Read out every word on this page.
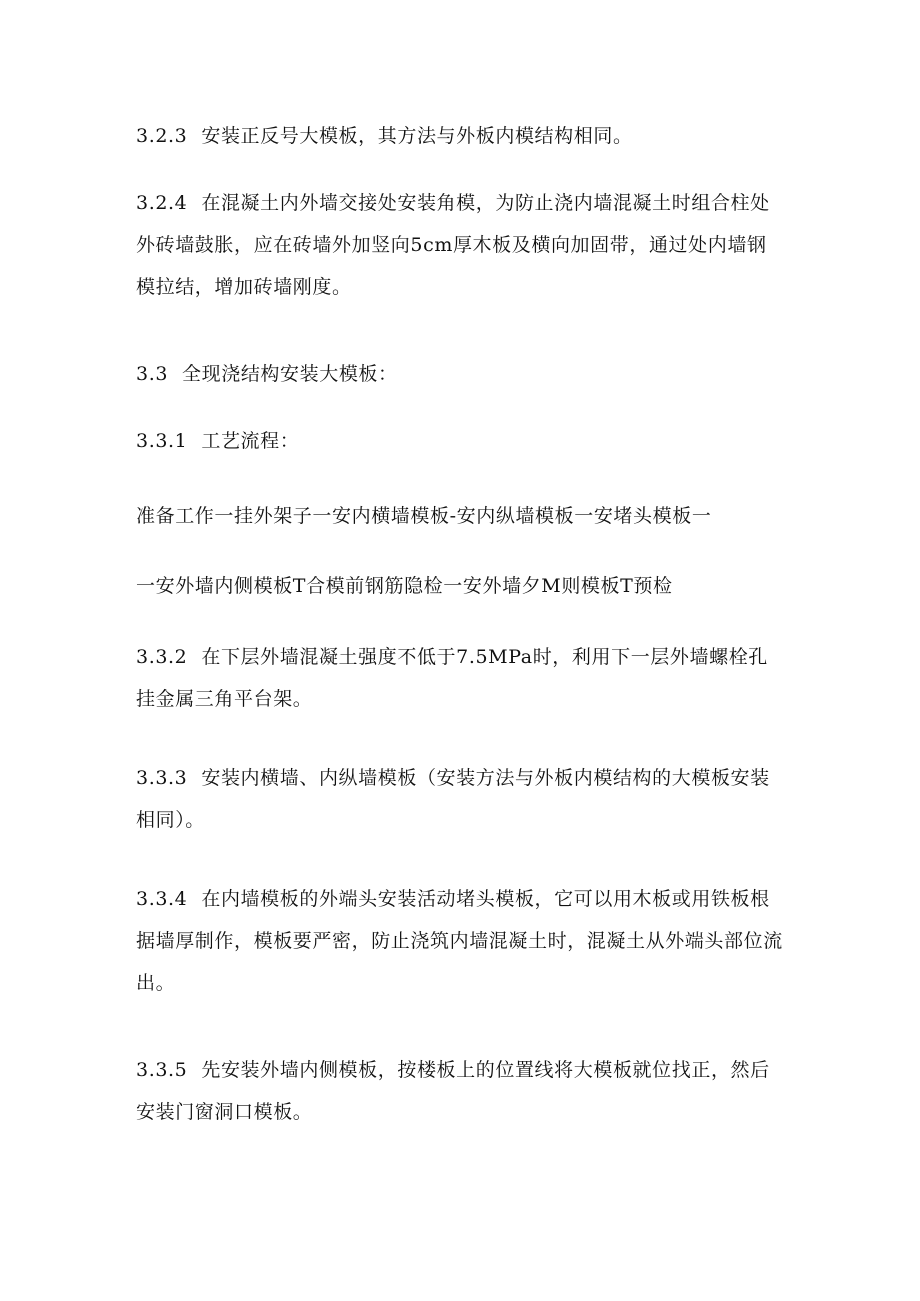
3.2.3 安装正反号大模板，其方法与外板内模结构相同。

3.2.4 在混凝土内外墙交接处安装角模，为防止浇内墙混凝土时组合柱处外砖墙鼓胀，应在砖墙外加竖向5cm厚木板及横向加固带，通过处内墙钢模拉结，增加砖墙刚度。

3.3 全现浇结构安装大模板：

3.3.1 工艺流程：

准备工作一挂外架子一安内横墙模板-安内纵墙模板一安堵头模板一

一安外墙内侧模板T合模前钢筋隐检一安外墙夕M则模板T预检

3.3.2 在下层外墙混凝土强度不低于7.5MPa时，利用下一层外墙螺栓孔挂金属三角平台架。

3.3.3 安装内横墙、内纵墙模板（安装方法与外板内模结构的大模板安装相同）。

3.3.4 在内墙模板的外端头安装活动堵头模板，它可以用木板或用铁板根据墙厚制作，模板要严密，防止浇筑内墙混凝土时，混凝土从外端头部位流出。

3.3.5 先安装外墙内侧模板，按楼板上的位置线将大模板就位找正，然后安装门窗洞口模板。
